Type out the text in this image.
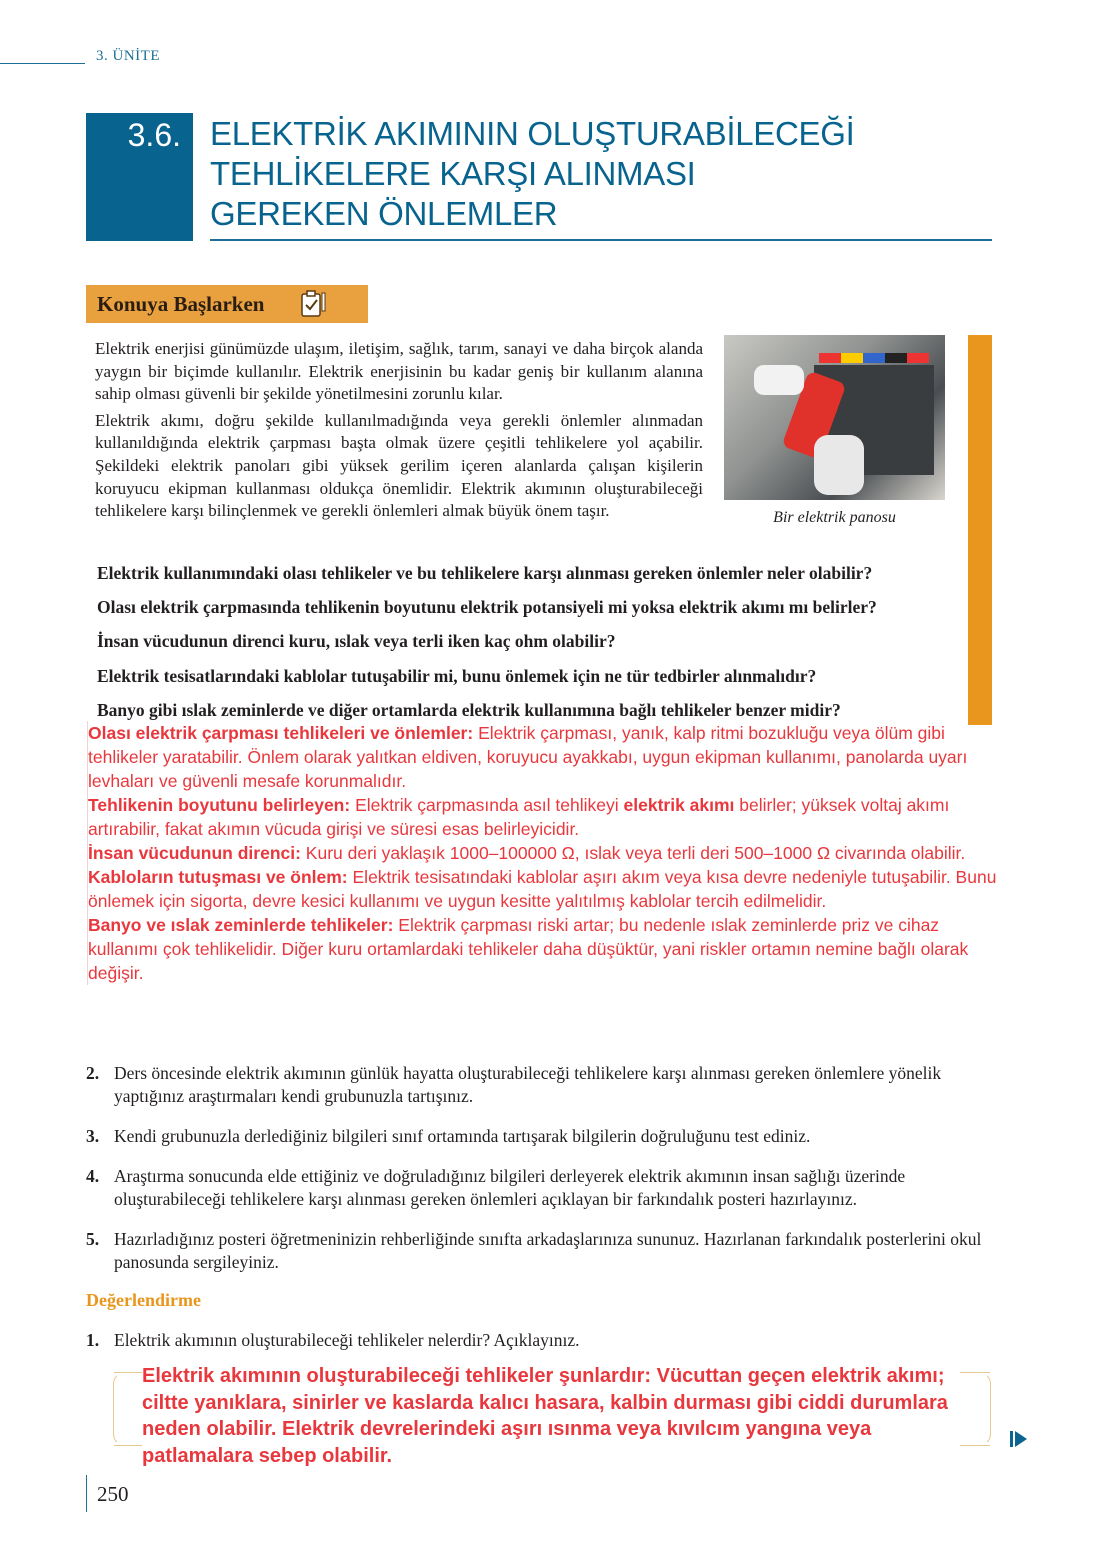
3. ÜNİTE
3.6. ELEKTRİK AKIMININ OLUŞTURABİLECEĞİ
TEHLİKELERE KARŞI ALINMASI
GEREKEN ÖNLEMLER
Konuya Başlarken

Elektrik enerjisi günümüzde ulaşım, iletişim, sağlık, tarım, sanayi ve daha birçok alanda yaygın bir biçimde kullanılır. Elektrik enerjisinin bu kadar geniş bir kullanım alanına sahip olması güvenli bir şekilde yönetilmesini zorunlu kılar.

Elektrik akımı, doğru şekilde kullanılmadığında veya gerekli önlemler alınmadan kullanıldığında elektrik çarpması başta olmak üzere çeşitli tehlikelere yol açabilir. Şekildeki elektrik panoları gibi yüksek gerilim içeren alanlarda çalışan kişilerin koruyucu ekipman kullanması oldukça önemlidir. Elektrik akımının oluşturabileceği tehlikelere karşı bilinçlenmek ve gerekli önlemleri almak büyük önem taşır.	Bir elektrik panosu
Elektrik kullanımındaki olası tehlikeler ve bu tehlikelere karşı alınması gereken önlemler neler olabilir?
Olası elektrik çarpmasında tehlikenin boyutunu elektrik potansiyeli mi yoksa elektrik akımı mı belirler?
İnsan vücudunun direnci kuru, ıslak veya terli iken kaç ohm olabilir?
Elektrik tesisatlarındaki kablolar tutuşabilir mi, bunu önlemek için ne tür tedbirler alınmalıdır?
Banyo gibi ıslak zeminlerde ve diğer ortamlarda elektrik kullanımına bağlı tehlikeler benzer midir?
Olası elektrik çarpması tehlikeleri ve önlemler: Elektrik çarpması, yanık, kalp ritmi bozukluğu veya ölüm gibi tehlikeler yaratabilir. Önlem olarak yalıtkan eldiven, koruyucu ayakkabı, uygun ekipman kullanımı, panolarda uyarı levhaları ve güvenli mesafe korunmalıdır.
Tehlikenin boyutunu belirleyen: Elektrik çarpmasında asıl tehlikeyi elektrik akımı belirler; yüksek voltaj akımı artırabilir, fakat akımın vücuda girişi ve süresi esas belirleyicidir.
İnsan vücudunun direnci: Kuru deri yaklaşık 1000–100000 Ω, ıslak veya terli deri 500–1000 Ω civarında olabilir.
Kabloların tutuşması ve önlem: Elektrik tesisatındaki kablolar aşırı akım veya kısa devre nedeniyle tutuşabilir. Bunu önlemek için sigorta, devre kesici kullanımı ve uygun kesitte yalıtılmış kablolar tercih edilmelidir.
Banyo ve ıslak zeminlerde tehlikeler: Elektrik çarpması riski artar; bu nedenle ıslak zeminlerde priz ve cihaz kullanımı çok tehlikelidir. Diğer kuru ortamlardaki tehlikeler daha düşüktür, yani riskler ortamın nemine bağlı olarak değişir.
2. Ders öncesinde elektrik akımının günlük hayatta oluşturabileceği tehlikelere karşı alınması gereken önlemlere yönelik yaptığınız araştırmaları kendi grubunuzla tartışınız.
3. Kendi grubunuzla derlediğiniz bilgileri sınıf ortamında tartışarak bilgilerin doğruluğunu test ediniz.
4. Araştırma sonucunda elde ettiğiniz ve doğruladığınız bilgileri derleyerek elektrik akımının insan sağlığı üzerinde oluşturabileceği tehlikelere karşı alınması gereken önlemleri açıklayan bir farkındalık posteri hazırlayınız.
5. Hazırladığınız posteri öğretmeninizin rehberliğinde sınıfta arkadaşlarınıza sununuz. Hazırlanan farkındalık posterlerini okul panosunda sergileyiniz.
Değerlendirme
1. Elektrik akımının oluşturabileceği tehlikeler nelerdir? Açıklayınız.
Elektrik akımının oluşturabileceği tehlikeler şunlardır: Vücuttan geçen elektrik akımı; ciltte yanıklara, sinirler ve kaslarda kalıcı hasara, kalbin durması gibi ciddi durumlara neden olabilir. Elektrik devrelerindeki aşırı ısınma veya kıvılcım yangına veya patlamalara sebep olabilir.
250
